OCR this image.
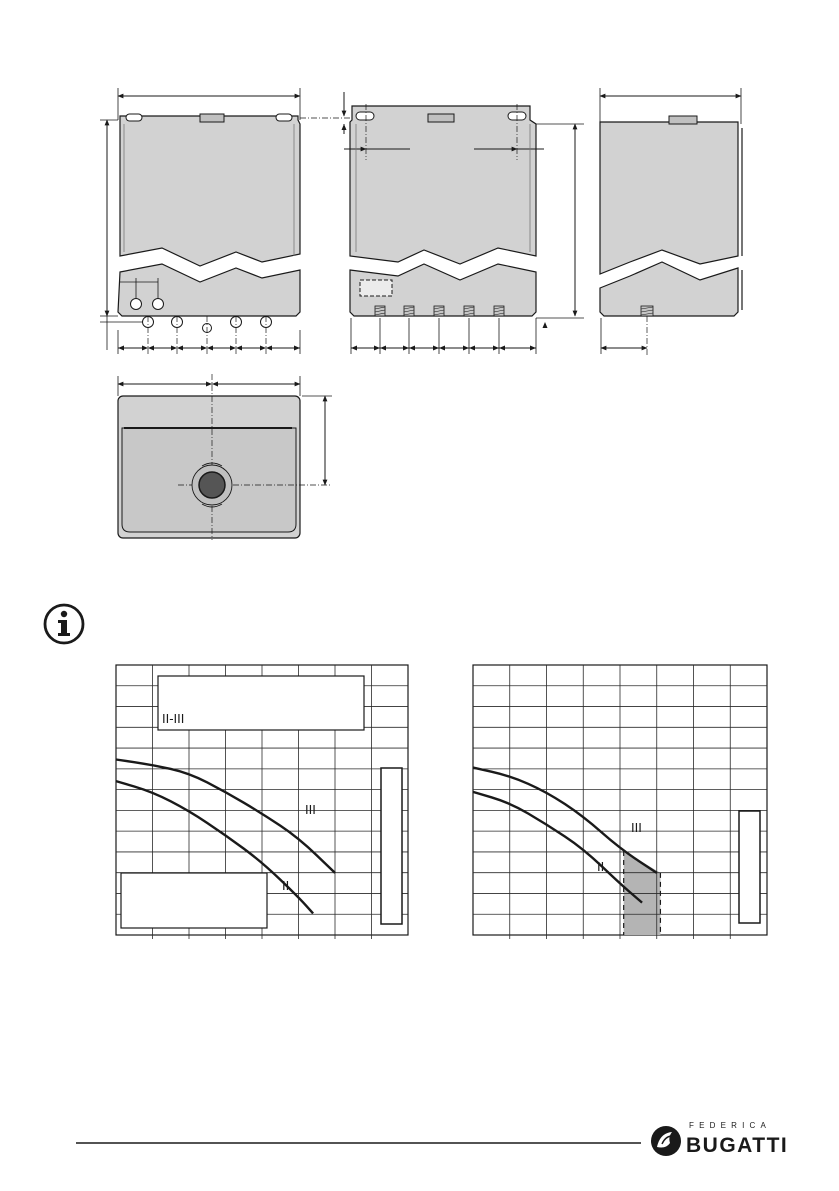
II-III
III
II
III
II
FEDERICA
BUGATTI
